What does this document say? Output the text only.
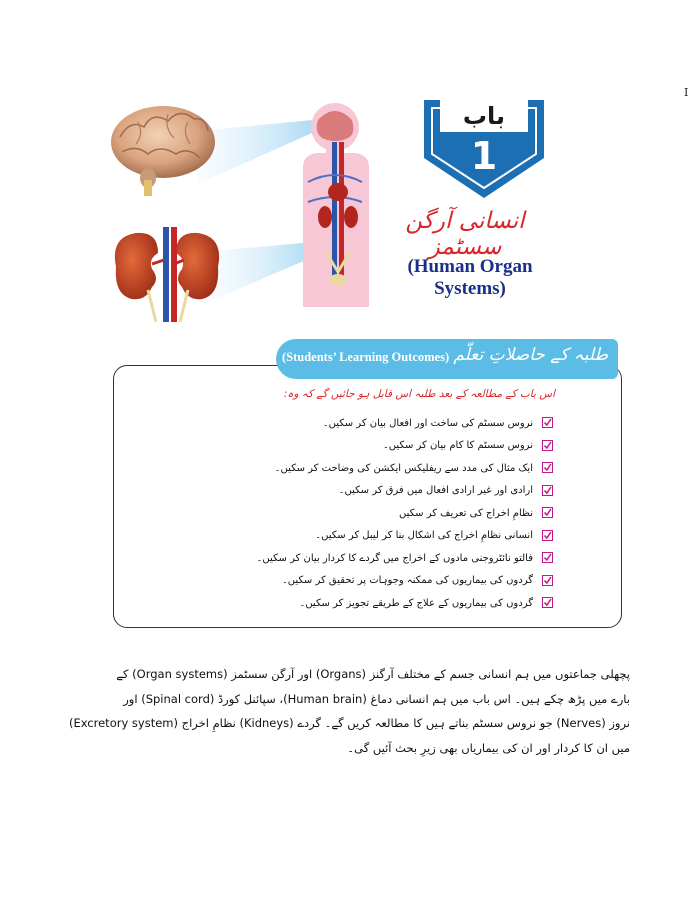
I
باب
1
انسانی آرگن سسٹمز
(Human Organ
Systems)
(Students’ Learning Outcomes) طلبہ کے حاصلاتِ تعلّم
اس باب کے مطالعہ کے بعد طلبہ اس قابل ہو جائیں گے کہ وہ:
نروس سسٹم کی ساخت اور افعال بیان کر سکیں۔
نروس سسٹم کا کام بیان کر سکیں۔
ایک مثال کی مدد سے ریفلیکس ایکشن کی وضاحت کر سکیں۔
ارادی اور غیر ارادی افعال میں فرق کر سکیں۔
نظامِ اخراج کی تعریف کر سکیں
انسانی نظامِ اخراج کی اشکال بنا کر لیبل کر سکیں۔
فالتو نائٹروجنی مادوں کے اخراج میں گردے کا کردار بیان کر سکیں۔
گردوں کی بیماریوں کی ممکنہ وجوہات پر تحقیق کر سکیں۔
گردوں کی بیماریوں کے علاج کے طریقے تجویز کر سکیں۔

پچھلی جماعتوں میں ہم انسانی جسم کے مختلف آرگنز (Organs) اور آرگن سسٹمز (Organ systems) کے
بارے میں پڑھ چکے ہیں۔ اس باب میں ہم انسانی دماغ (Human brain)، سپائنل کورڈ (Spinal cord) اور
نروز (Nerves) جو نروس سسٹم بناتے ہیں کا مطالعہ کریں گے۔ گردے (Kidneys) نظامِ اخراج (Excretory system)
میں ان کا کردار اور ان کی بیماریاں بھی زیرِ بحث آئیں گی۔
